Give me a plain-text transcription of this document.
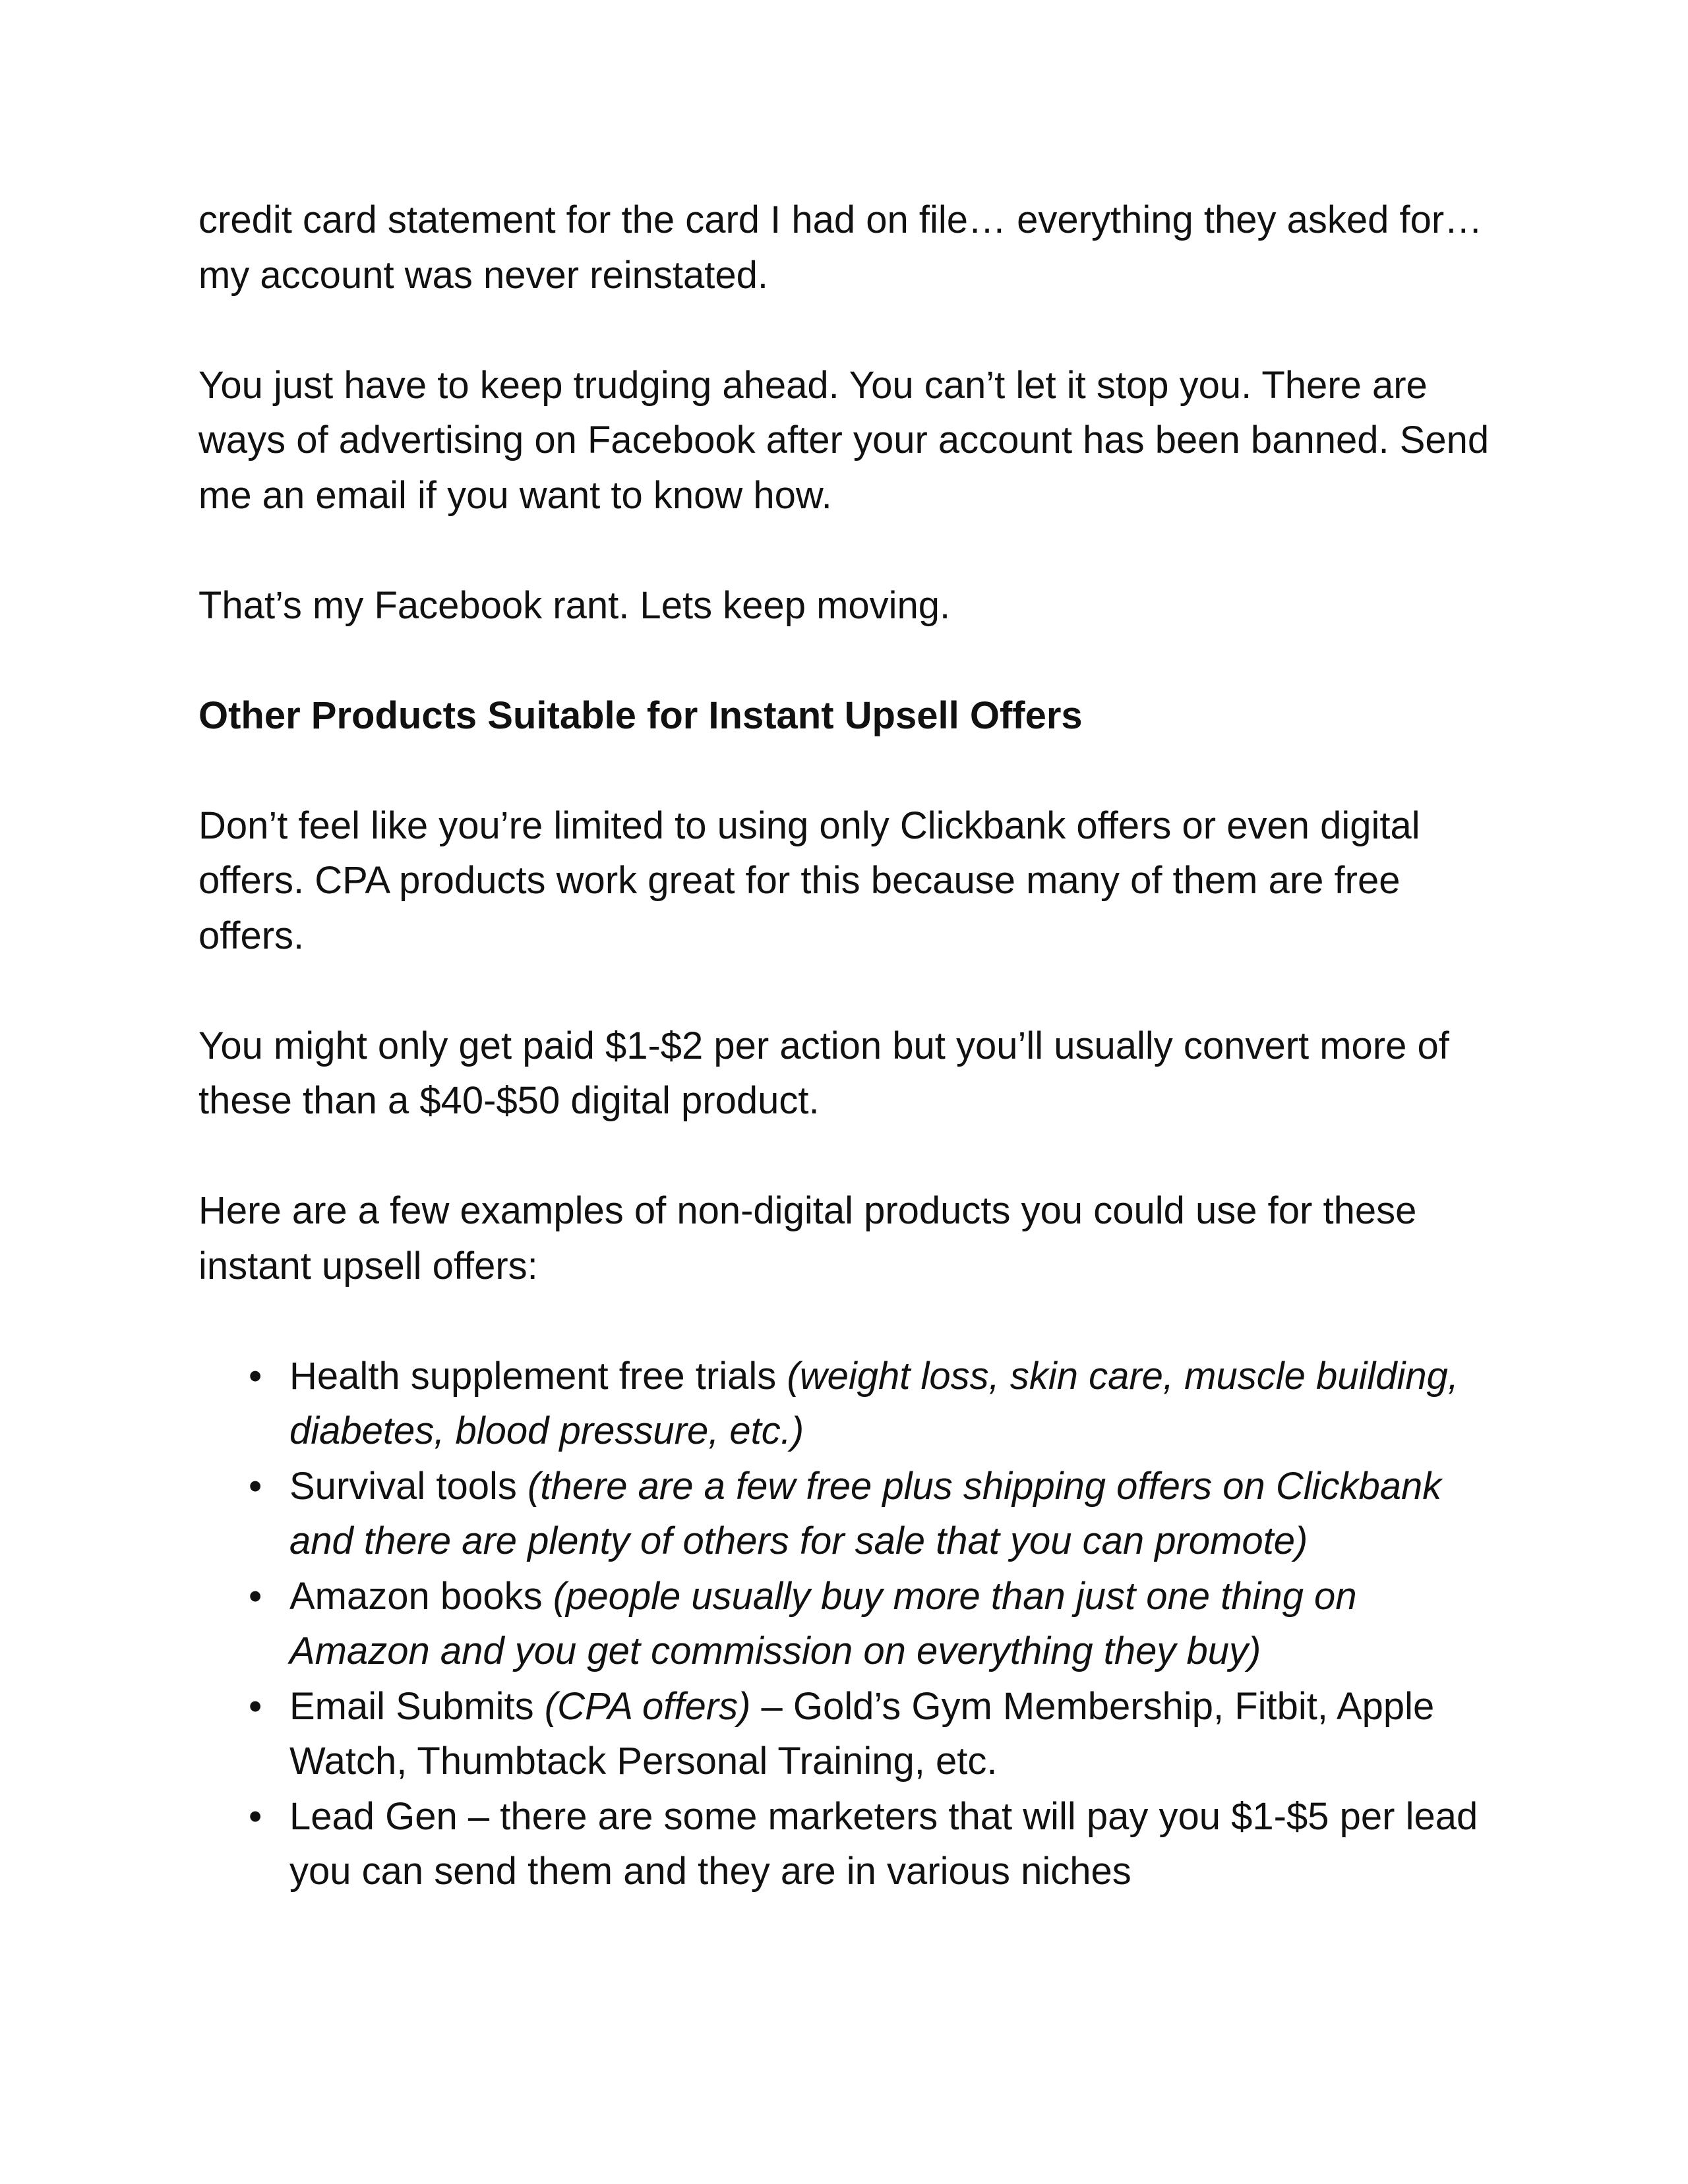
credit card statement for the card I had on file… everything they asked for… my account was never reinstated.

You just have to keep trudging ahead. You can’t let it stop you. There are ways of advertising on Facebook after your account has been banned. Send me an email if you want to know how.

That’s my Facebook rant. Lets keep moving.

Other Products Suitable for Instant Upsell Offers

Don’t feel like you’re limited to using only Clickbank offers or even digital offers. CPA products work great for this because many of them are free offers.

You might only get paid $1-$2 per action but you’ll usually convert more of these than a $40-$50 digital product.

Here are a few examples of non-digital products you could use for these instant upsell offers:

• Health supplement free trials (weight loss, skin care, muscle building, diabetes, blood pressure, etc.)
• Survival tools (there are a few free plus shipping offers on Clickbank and there are plenty of others for sale that you can promote)
• Amazon books (people usually buy more than just one thing on Amazon and you get commission on everything they buy)
• Email Submits (CPA offers) – Gold’s Gym Membership, Fitbit, Apple Watch, Thumbtack Personal Training, etc.
• Lead Gen – there are some marketers that will pay you $1-$5 per lead you can send them and they are in various niches
